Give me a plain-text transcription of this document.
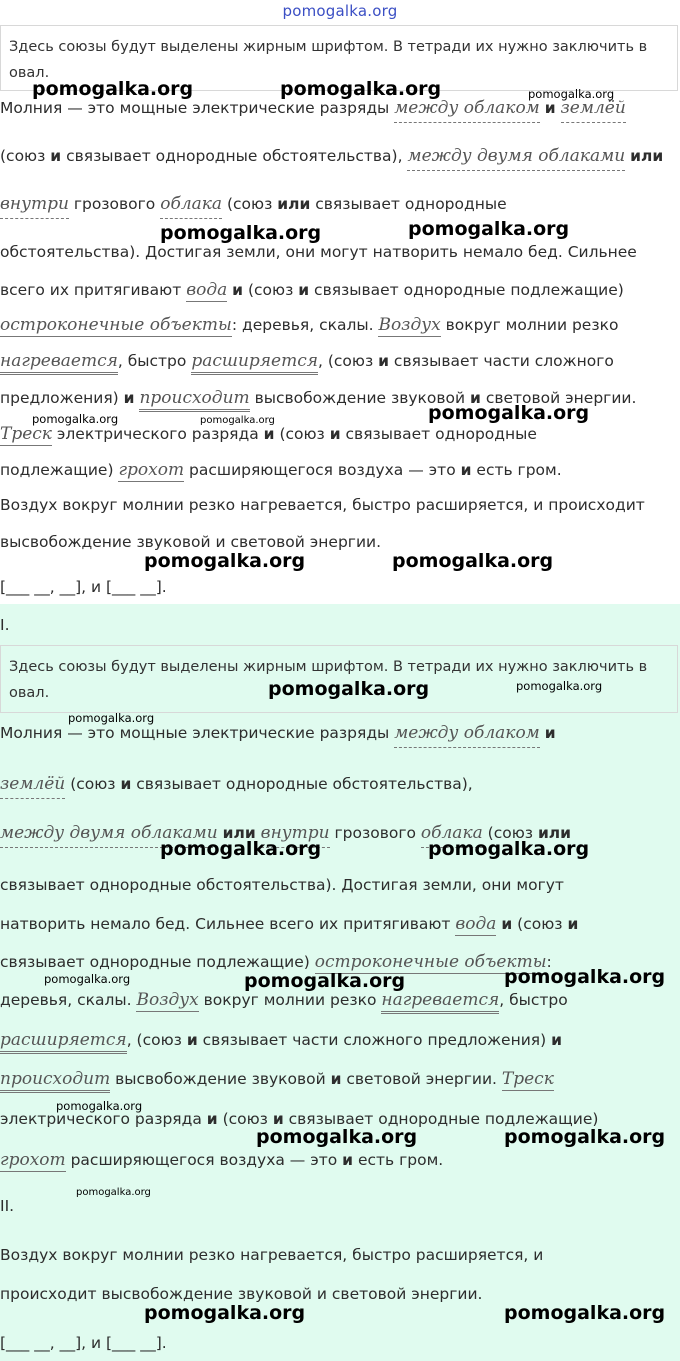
pomogalka.org
Здесь союзы будут выделены жирным шрифтом. В тетради их нужно заключить в овал.
Молния — это мощные электрические разряды между облаком и землёй
(союз и связывает однородные обстоятельства), между двумя облаками или
внутри грозового облака (союз или связывает однородные
обстоятельства). Достигая земли, они могут натворить немало бед. Сильнее
всего их притягивают вода и (союз и связывает однородные подлежащие)
остроконечные объекты: деревья, скалы. Воздух вокруг молнии резко
нагревается, быстро расширяется, (союз и связывает части сложного
предложения) и происходит высвобождение звуковой и световой энергии.
Треск электрического разряда и (союз и связывает однородные
подлежащие) грохот расширяющегося воздуха — это и есть гром.
Воздух вокруг молнии резко нагревается, быстро расширяется, и происходит
высвобождение звуковой и световой энергии.
[___ __, __], и [___ __].
I.
Здесь союзы будут выделены жирным шрифтом. В тетради их нужно заключить в овал.
Молния — это мощные электрические разряды между облаком и
землёй (союз и связывает однородные обстоятельства),
между двумя облаками или внутри грозового облака (союз или
связывает однородные обстоятельства). Достигая земли, они могут
натворить немало бед. Сильнее всего их притягивают вода и (союз и
связывает однородные подлежащие) остроконечные объекты:
деревья, скалы. Воздух вокруг молнии резко нагревается, быстро
расширяется, (союз и связывает части сложного предложения) и
происходит высвобождение звуковой и световой энергии. Треск
электрического разряда и (союз и связывает однородные подлежащие)
грохот расширяющегося воздуха — это и есть гром.
II.
Воздух вокруг молнии резко нагревается, быстро расширяется, и
происходит высвобождение звуковой и световой энергии.
[___ __, __], и [___ __].
pomogalka.org	pomogalka.org	pomogalka.org
pomogalka.org	pomogalka.org
pomogalka.org	pomogalka.org	pomogalka.org
pomogalka.org	pomogalka.org
pomogalka.org	pomogalka.org
pomogalka.org
pomogalka.org	pomogalka.org
pomogalka.org	pomogalka.org	pomogalka.org
pomogalka.org
pomogalka.org	pomogalka.org
pomogalka.org
pomogalka.org	pomogalka.org
